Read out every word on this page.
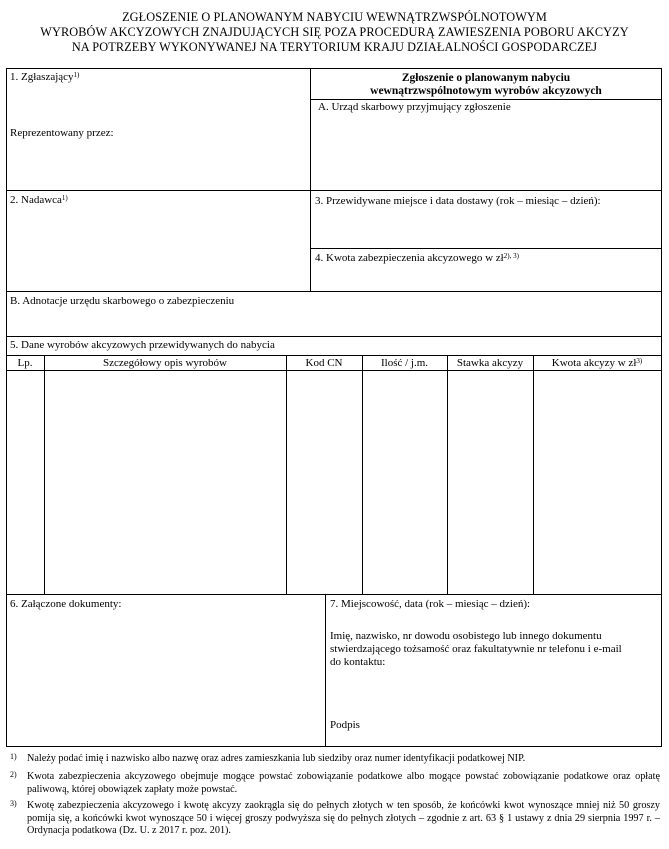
ZGŁOSZENIE O PLANOWANYM NABYCIU WEWNĄTRZWSPÓLNOTOWYM
WYROBÓW AKCYZOWYCH ZNAJDUJĄCYCH SIĘ POZA PROCEDURĄ ZAWIESZENIA POBORU AKCYZY
NA POTRZEBY WYKONYWANEJ NA TERYTORIUM KRAJU DZIAŁALNOŚCI GOSPODARCZEJ
1. Zgłaszający$^{1)}$
Reprezentowany przez:
Zgłoszenie o planowanym nabyciu
wewnątrzwspólnotowym wyrobów akcyzowych
A. Urząd skarbowy przyjmujący zgłoszenie
2. Nadawca$^{1)}$	3. Przewidywane miejsce i data dostawy (rok – miesiąc – dzień):
4. Kwota zabezpieczenia akcyzowego w $zł^{2), 3)}$
B. Adnotacje urzędu skarbowego o zabezpieczeniu
5. Dane wyrobów akcyzowych przewidywanych do nabycia
Lp.	Szczegółowy opis wyrobów	Kod CN	Ilość / j.m.	Stawka akcyzy	Kwota akcyzy w $zł^{3)}$
6. Załączone dokumenty:	7. Miejscowość, data (rok – miesiąc – dzień):
Imię, nazwisko, nr dowodu osobistego lub innego dokumentu
stwierdzającego tożsamość oraz fakultatywnie nr telefonu i e-mail
do kontaktu:
Podpis
1) Należy podać imię i nazwisko albo nazwę oraz adres zamieszkania lub siedziby oraz numer identyfikacji podatkowej NIP.
2) Kwota zabezpieczenia akcyzowego obejmuje mogące powstać zobowiązanie podatkowe albo mogące powstać zobowiązanie podatkowe oraz opłatę paliwową, której obowiązek zapłaty może powstać.
3) Kwotę zabezpieczenia akcyzowego i kwotę akcyzy zaokrągla się do pełnych złotych w ten sposób, że końcówki kwot wynoszące mniej niż 50 groszy pomija się, a końcówki kwot wynoszące 50 i więcej groszy podwyższa się do pełnych złotych – zgodnie z art. 63 § 1 ustawy z dnia 29 sierpnia 1997 r. – Ordynacja podatkowa (Dz. U. z 2017 r. poz. 201).
